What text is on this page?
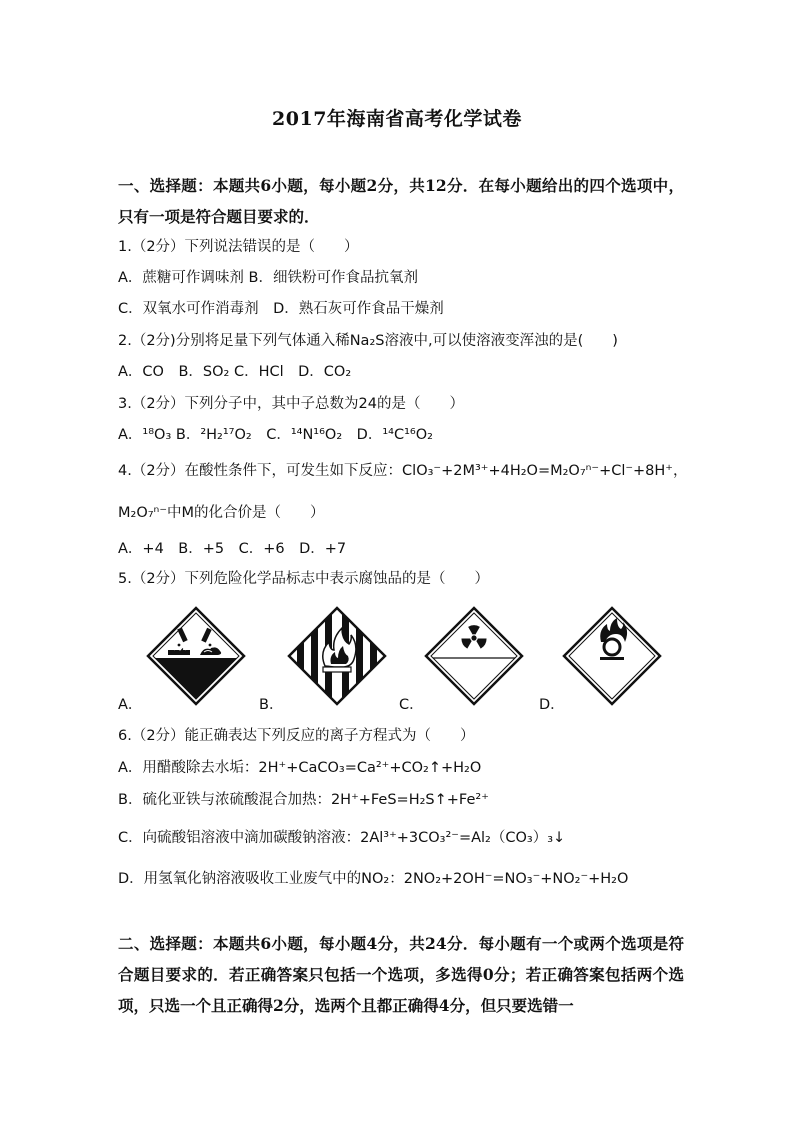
2017年海南省高考化学试卷
一、选择题：本题共6小题，每小题2分，共12分．在每小题给出的四个选项中，只有一项是符合题目要求的．
1.（2分）下列说法错误的是（　　）
A．蔗糖可作调味剂 B．细铁粉可作食品抗氧剂
C．双氧水可作消毒剂　D．熟石灰可作食品干燥剂
2.（2分)分别将足量下列气体通入稀Na₂S溶液中,可以使溶液变浑浊的是(　　)
A．CO　B．SO₂ C．HCl　D．CO₂
3.（2分）下列分子中，其中子总数为24的是（　　）
A．¹⁸O₃ B．²H₂¹⁷O₂　C．¹⁴N¹⁶O₂　D．¹⁴C¹⁶O₂
4.（2分）在酸性条件下，可发生如下反应：ClO₃⁻+2M³⁺+4H₂O=M₂O₇ⁿ⁻+Cl⁻+8H⁺，
M₂O₇ⁿ⁻中M的化合价是（　　）
A．+4　B．+5　C．+6　D．+7
5.（2分）下列危险化学品标志中表示腐蚀品的是（　　）
A．	B．	C．	D．
6.（2分）能正确表达下列反应的离子方程式为（　　）
A．用醋酸除去水垢：2H⁺+CaCO₃=Ca²⁺+CO₂↑+H₂O
B．硫化亚铁与浓硫酸混合加热：2H⁺+FeS=H₂S↑+Fe²⁺
C．向硫酸铝溶液中滴加碳酸钠溶液：2Al³⁺+3CO₃²⁻=Al₂（CO₃）₃↓
D．用氢氧化钠溶液吸收工业废气中的NO₂：2NO₂+2OH⁻=NO₃⁻+NO₂⁻+H₂O
二、选择题：本题共6小题，每小题4分，共24分．每小题有一个或两个选项是符合题目要求的．若正确答案只包括一个选项，多选得0分；若正确答案包括两个选项，只选一个且正确得2分，选两个且都正确得4分，但只要选错一
